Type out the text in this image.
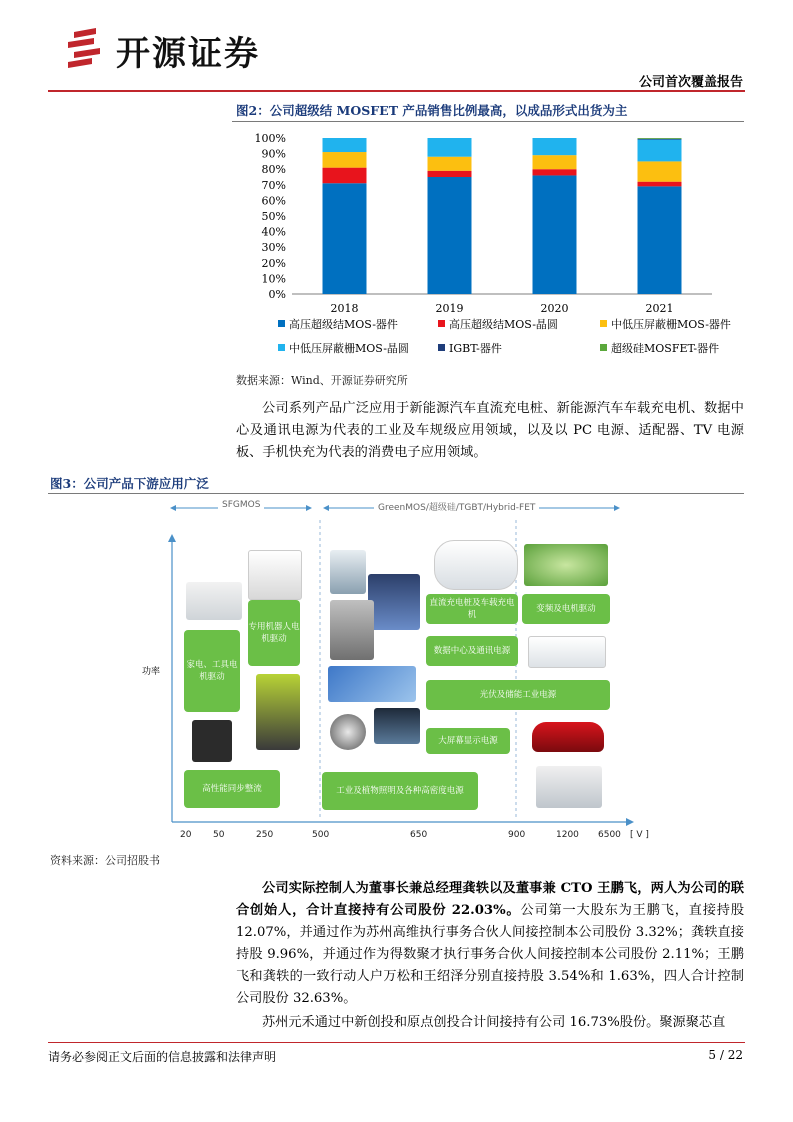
开源证券
公司首次覆盖报告
图2：公司超级结 MOSFET 产品销售比例最高，以成品形式出货为主
100%
90%
80%
70%
60%
50%
40%
30%
20%
10%
0%
2018	2019	2020	2021
高压超级结MOS-器件	高压超级结MOS-晶圆	中低压屏蔽栅MOS-器件
中低压屏蔽栅MOS-晶圆	IGBT-器件	超级硅MOSFET-器件
数据来源：Wind、开源证券研究所
公司系列产品广泛应用于新能源汽车直流充电桩、新能源汽车车载充电机、数据中心及通讯电源为代表的工业及车规级应用领域，以及以 PC 电源、适配器、TV 电源板、手机快充为代表的消费电子应用领域。
图3：公司产品下游应用广泛
SFGMOS	GreenMOS/超级硅/TGBT/Hybrid-FET
功率
家电、工具电机驱动
专用机器人电机驱动
高性能同步整流
直流充电桩及车载充电机
数据中心及通讯电源
光伏及储能工业电源
大屏幕显示电源
工业及植物照明及各种高密度电源
变频及电机驱动
20 50	250	500	650	900	1200 6500 [ V ]
资料来源：公司招股书
公司实际控制人为董事长兼总经理龚轶以及董事兼 CTO 王鹏飞，两人为公司的联合创始人，合计直接持有公司股份 22.03%。公司第一大股东为王鹏飞，直接持股 12.07%，并通过作为苏州高维执行事务合伙人间接控制本公司股份 3.32%；龚轶直接持股 9.96%，并通过作为得数聚才执行事务合伙人间接控制本公司股份 2.11%；王鹏飞和龚轶的一致行动人户万松和王绍泽分别直接持股 3.54%和 1.63%，四人合计控制公司股份 32.63%。
苏州元禾通过中新创投和原点创投合计间接持有公司 16.73%股份。聚源聚芯直
请务必参阅正文后面的信息披露和法律声明	5 / 22
